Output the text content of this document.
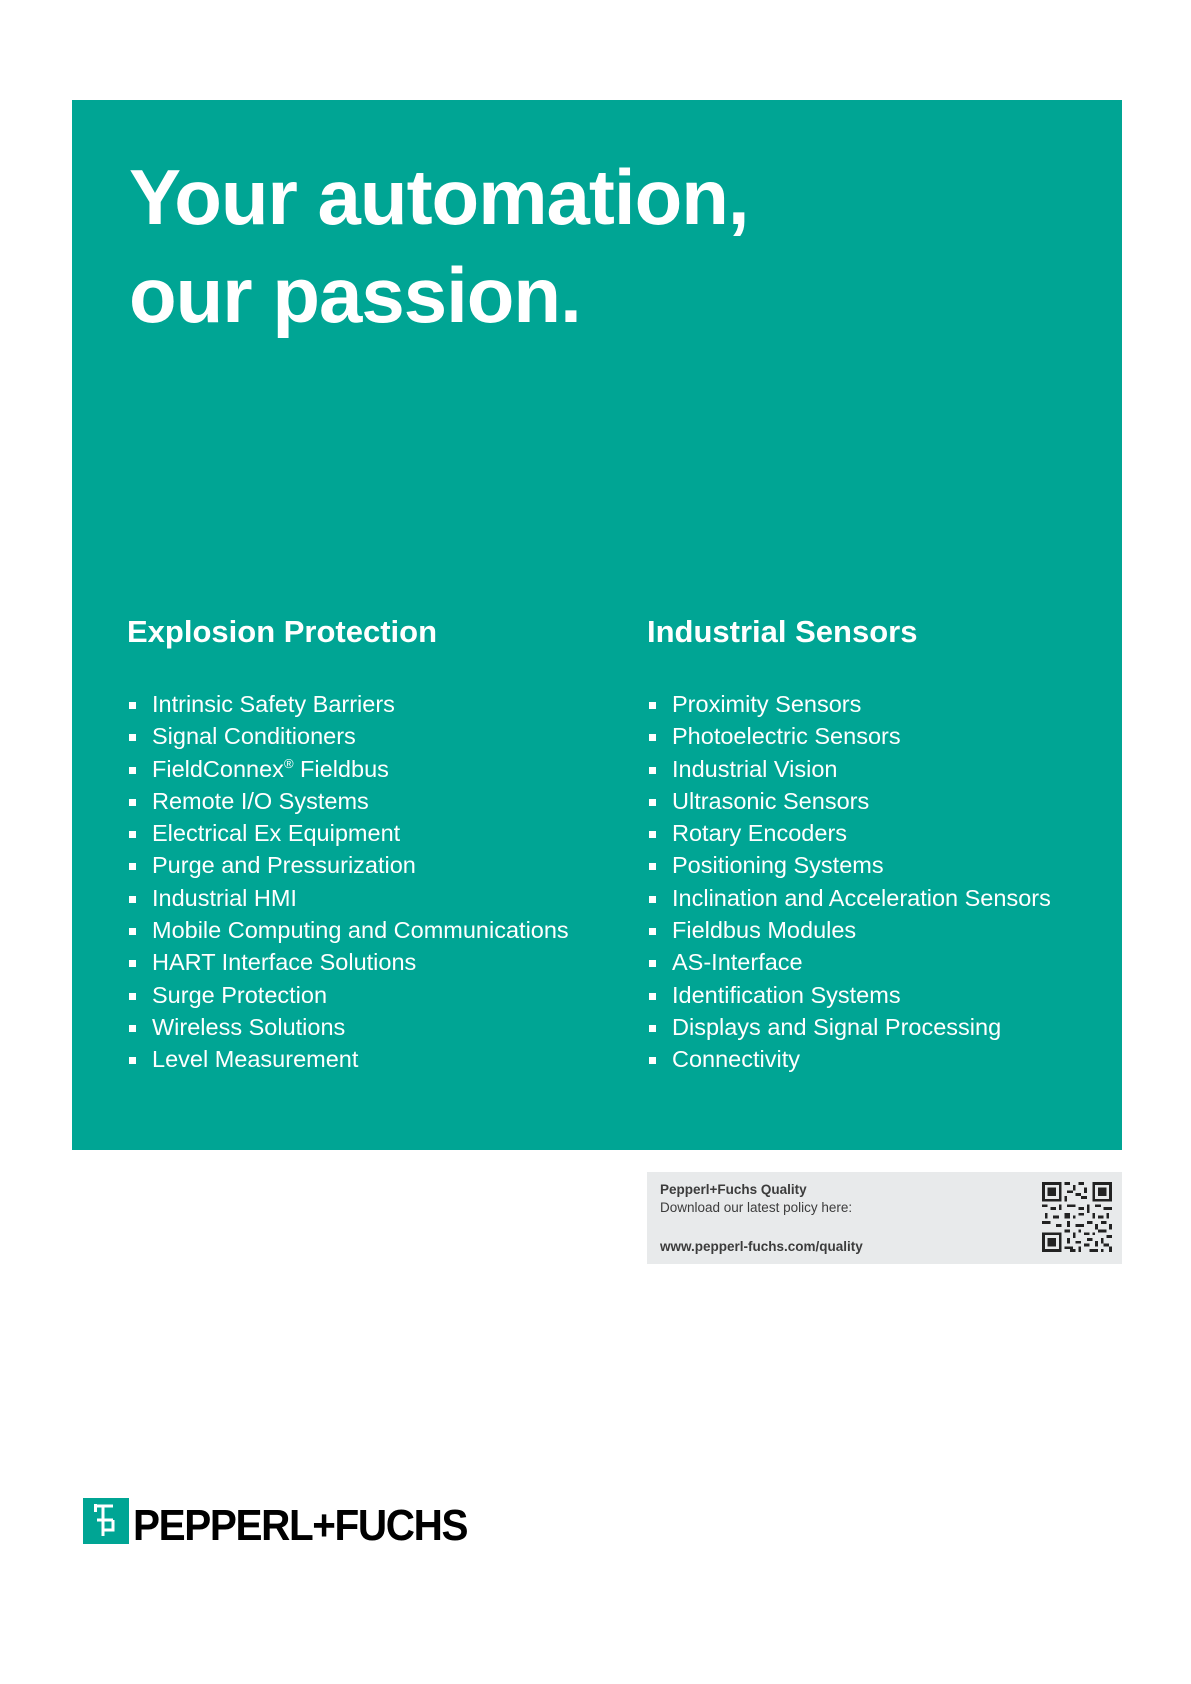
Your automation,
our passion.
Explosion Protection
Intrinsic Safety Barriers
Signal Conditioners
FieldConnex® Fieldbus
Remote I/O Systems
Electrical Ex Equipment
Purge and Pressurization
Industrial HMI
Mobile Computing and Communications
HART Interface Solutions
Surge Protection
Wireless Solutions
Level Measurement
Industrial Sensors
Proximity Sensors
Photoelectric Sensors
Industrial Vision
Ultrasonic Sensors
Rotary Encoders
Positioning Systems
Inclination and Acceleration Sensors
Fieldbus Modules
AS-Interface
Identification Systems
Displays and Signal Processing
Connectivity
Pepperl+Fuchs Quality
Download our latest policy here:
www.pepperl-fuchs.com/quality
PEPPERL+FUCHS
